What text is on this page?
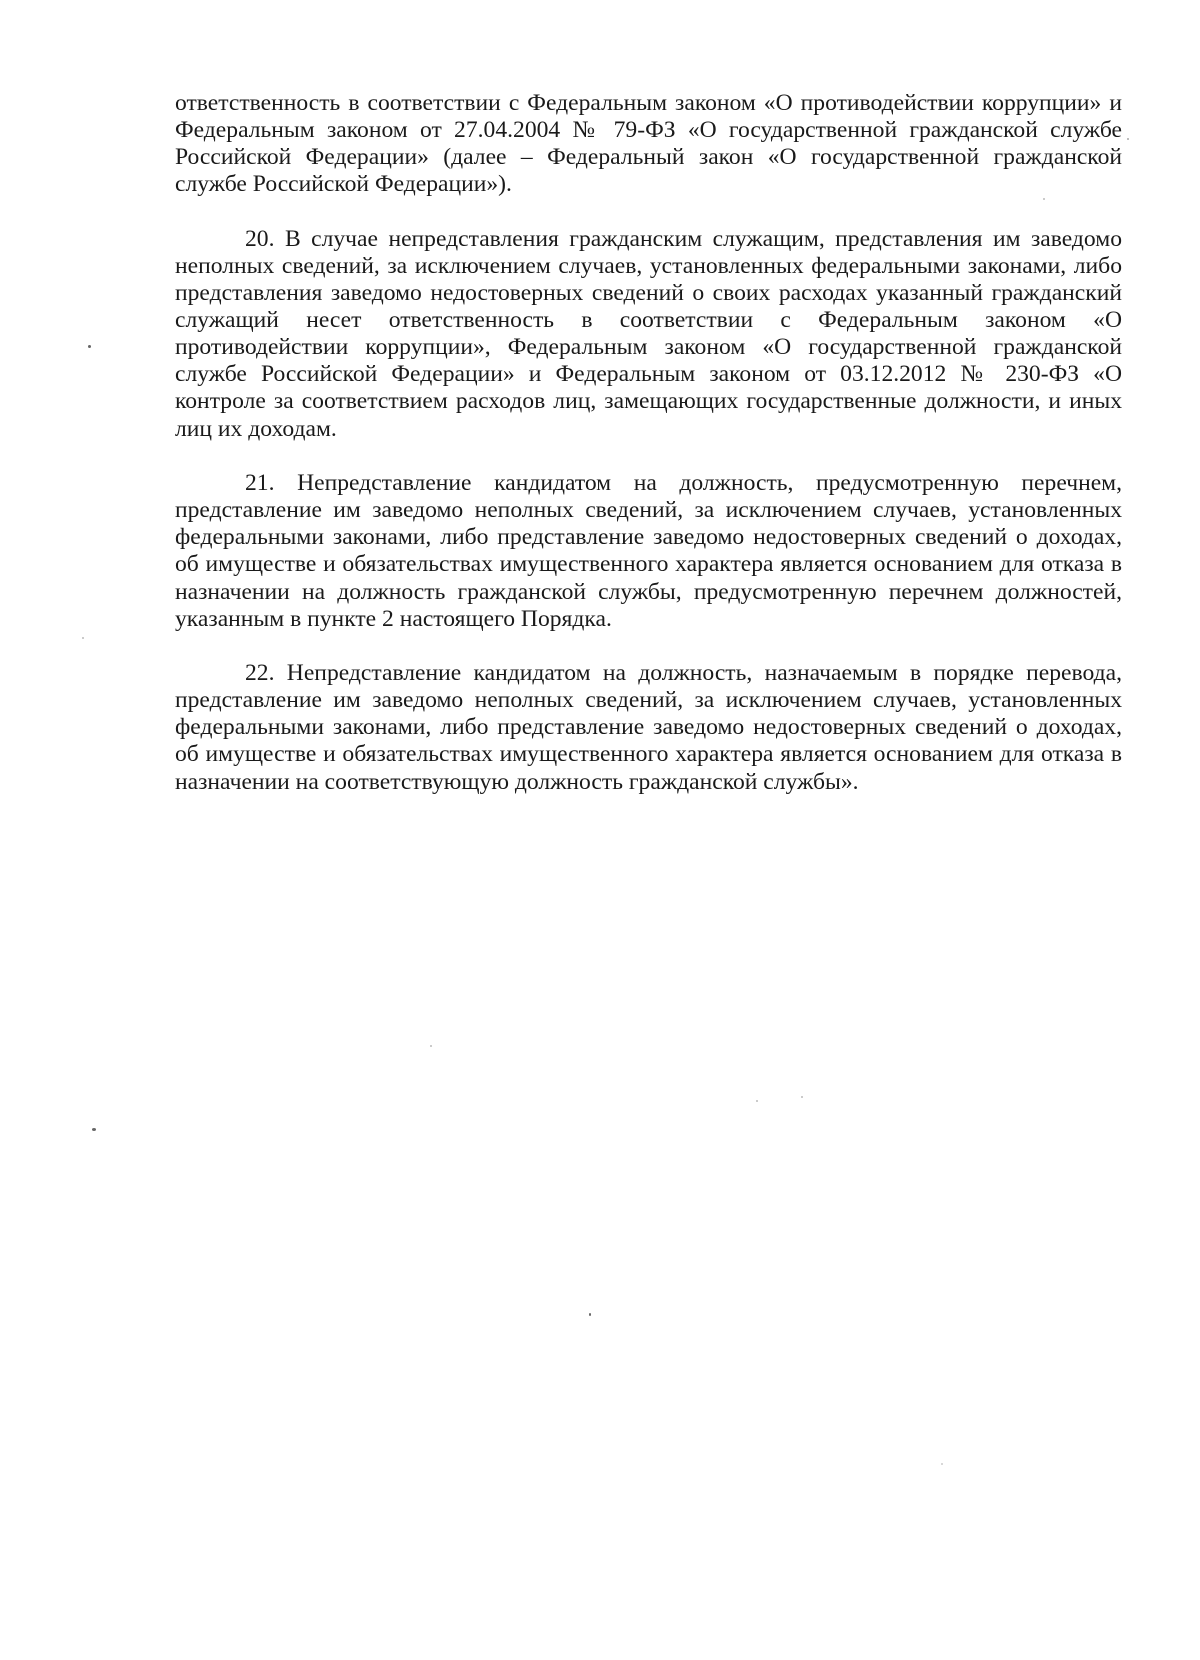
ответственность в соответствии с Федеральным законом «О противодействии коррупции» и Федеральным законом от 27.04.2004 № 79-ФЗ «О государственной гражданской службе Российской Федерации» (далее – Федеральный закон «О государственной гражданской службе Российской Федерации»).

20. В случае непредставления гражданским служащим, представления им заведомо неполных сведений, за исключением случаев, установленных федеральными законами, либо представления заведомо недостоверных сведений о своих расходах указанный гражданский служащий несет ответственность в соответствии с Федеральным законом «О противодействии коррупции», Федеральным законом «О государственной гражданской службе Российской Федерации» и Федеральным законом от 03.12.2012 № 230-ФЗ «О контроле за соответствием расходов лиц, замещающих государственные должности, и иных лиц их доходам.

21. Непредставление кандидатом на должность, предусмотренную перечнем, представление им заведомо неполных сведений, за исключением случаев, установленных федеральными законами, либо представление заведомо недостоверных сведений о доходах, об имуществе и обязательствах имущественного характера является основанием для отказа в назначении на должность гражданской службы, предусмотренную перечнем должностей, указанным в пункте 2 настоящего Порядка.

22. Непредставление кандидатом на должность, назначаемым в порядке перевода, представление им заведомо неполных сведений, за исключением случаев, установленных федеральными законами, либо представление заведомо недостоверных сведений о доходах, об имуществе и обязательствах имущественного характера является основанием для отказа в назначении на соответствующую должность гражданской службы».
